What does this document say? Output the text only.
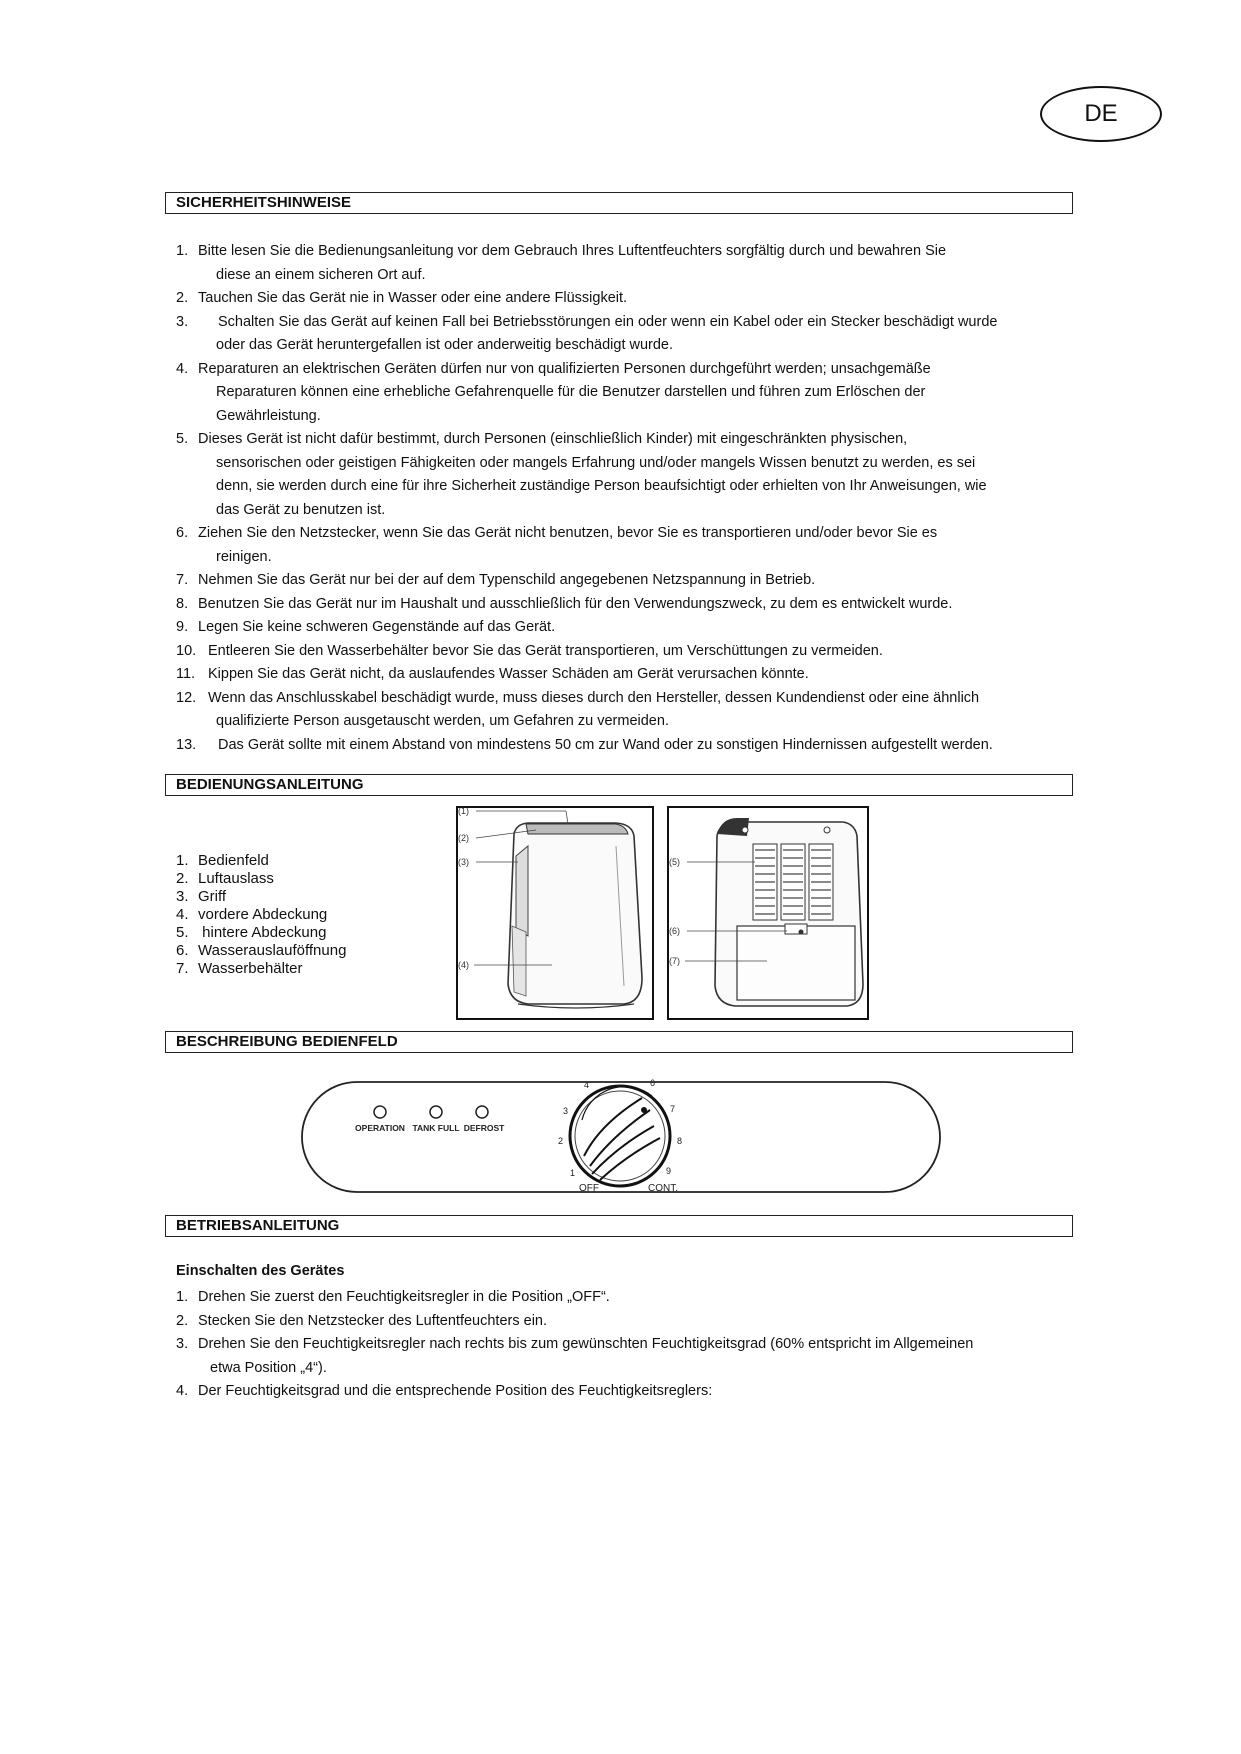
DE
SICHERHEITSHINWEISE
1. Bitte lesen Sie die Bedienungsanleitung vor dem Gebrauch Ihres Luftentfeuchters sorgfältig durch und bewahren Sie
diese an einem sicheren Ort auf.
2. Tauchen Sie das Gerät nie in Wasser oder eine andere Flüssigkeit.
3. Schalten Sie das Gerät auf keinen Fall bei Betriebsstörungen ein oder wenn ein Kabel oder ein Stecker beschädigt wurde
oder das Gerät heruntergefallen ist oder anderweitig beschädigt wurde.
4. Reparaturen an elektrischen Geräten dürfen nur von qualifizierten Personen durchgeführt werden; unsachgemäße
Reparaturen können eine erhebliche Gefahrenquelle für die Benutzer darstellen und führen zum Erlöschen der
Gewährleistung.
5. Dieses Gerät ist nicht dafür bestimmt, durch Personen (einschließlich Kinder) mit eingeschränkten physischen,
sensorischen oder geistigen Fähigkeiten oder mangels Erfahrung und/oder mangels Wissen benutzt zu werden, es sei
denn, sie werden durch eine für ihre Sicherheit zuständige Person beaufsichtigt oder erhielten von Ihr Anweisungen, wie
das Gerät zu benutzen ist.
6. Ziehen Sie den Netzstecker, wenn Sie das Gerät nicht benutzen, bevor Sie es transportieren und/oder bevor Sie es
reinigen.
7. Nehmen Sie das Gerät nur bei der auf dem Typenschild angegebenen Netzspannung in Betrieb.
8. Benutzen Sie das Gerät nur im Haushalt und ausschließlich für den Verwendungszweck, zu dem es entwickelt wurde.
9. Legen Sie keine schweren Gegenstände auf das Gerät.
10. Entleeren Sie den Wasserbehälter bevor Sie das Gerät transportieren, um Verschüttungen zu vermeiden.
11. Kippen Sie das Gerät nicht, da auslaufendes Wasser Schäden am Gerät verursachen könnte.
12. Wenn das Anschlusskabel beschädigt wurde, muss dieses durch den Hersteller, dessen Kundendienst oder eine ähnlich
qualifizierte Person ausgetauscht werden, um Gefahren zu vermeiden.
13. Das Gerät sollte mit einem Abstand von mindestens 50 cm zur Wand oder zu sonstigen Hindernissen aufgestellt werden.
BEDIENUNGSANLEITUNG
1. Bedienfeld
2. Luftauslass
3. Griff
4. vordere Abdeckung
5. hintere Abdeckung
6. Wasserauslauföffnung
7. Wasserbehälter
(1)
(2)
(3)
(4)
(5)
(6)
(7)
BESCHREIBUNG BEDIENFELD
OPERATION TANK FULL DEFROST
OFF
1
2
3
4	6
7
8
9
CONT.
BETRIEBSANLEITUNG
Einschalten des Gerätes
1. Drehen Sie zuerst den Feuchtigkeitsregler in die Position „OFF“.
2. Stecken Sie den Netzstecker des Luftentfeuchters ein.
3. Drehen Sie den Feuchtigkeitsregler nach rechts bis zum gewünschten Feuchtigkeitsgrad (60% entspricht im Allgemeinen
etwa Position „4“).
4. Der Feuchtigkeitsgrad und die entsprechende Position des Feuchtigkeitsreglers:
